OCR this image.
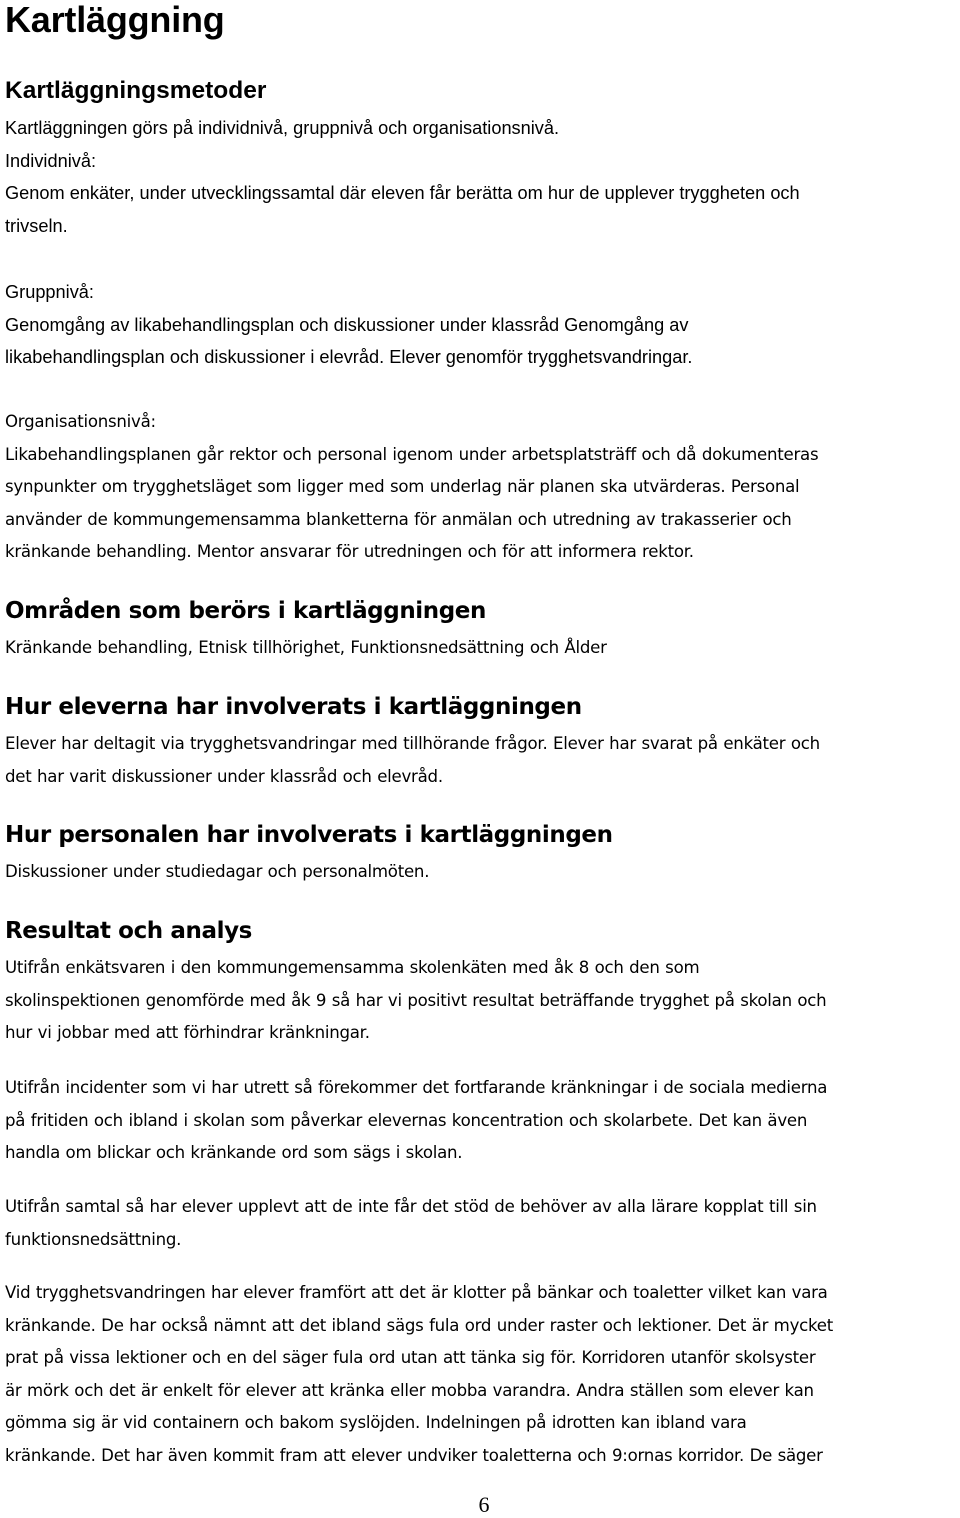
Kartläggning
Kartläggningsmetoder
Kartläggningen görs på individnivå, gruppnivå och organisationsnivå.
Individnivå:
Genom enkäter, under utvecklingssamtal där eleven får berätta om hur de upplever tryggheten och
trivseln.
Gruppnivå:
Genomgång av likabehandlingsplan och diskussioner under klassråd Genomgång av
likabehandlingsplan och diskussioner i elevråd. Elever genomför trygghetsvandringar.
Organisationsnivå:
Likabehandlingsplanen går rektor och personal igenom under arbetsplatsträff och då dokumenteras
synpunkter om trygghetsläget som ligger med som underlag när planen ska utvärderas. Personal
använder de kommungemensamma blanketterna för anmälan och utredning av trakasserier och
kränkande behandling. Mentor ansvarar för utredningen och för att informera rektor.
Områden som berörs i kartläggningen
Kränkande behandling, Etnisk tillhörighet, Funktionsnedsättning och Ålder
Hur eleverna har involverats i kartläggningen
Elever har deltagit via trygghetsvandringar med tillhörande frågor. Elever har svarat på enkäter och
det har varit diskussioner under klassråd och elevråd.
Hur personalen har involverats i kartläggningen
Diskussioner under studiedagar och personalmöten.
Resultat och analys
Utifrån enkätsvaren i den kommungemensamma skolenkäten med åk 8 och den som
skolinspektionen genomförde med åk 9 så har vi positivt resultat beträffande trygghet på skolan och
hur vi jobbar med att förhindrar kränkningar.
Utifrån incidenter som vi har utrett så förekommer det fortfarande kränkningar i de sociala medierna
på fritiden och ibland i skolan som påverkar elevernas koncentration och skolarbete. Det kan även
handla om blickar och kränkande ord som sägs i skolan.
Utifrån samtal så har elever upplevt att de inte får det stöd de behöver av alla lärare kopplat till sin
funktionsnedsättning.
Vid trygghetsvandringen har elever framfört att det är klotter på bänkar och toaletter vilket kan vara
kränkande. De har också nämnt att det ibland sägs fula ord under raster och lektioner. Det är mycket
prat på vissa lektioner och en del säger fula ord utan att tänka sig för. Korridoren utanför skolsyster
är mörk och det är enkelt för elever att kränka eller mobba varandra. Andra ställen som elever kan
gömma sig är vid containern och bakom syslöjden. Indelningen på idrotten kan ibland vara
kränkande. Det har även kommit fram att elever undviker toaletterna och 9:ornas korridor. De säger
6
